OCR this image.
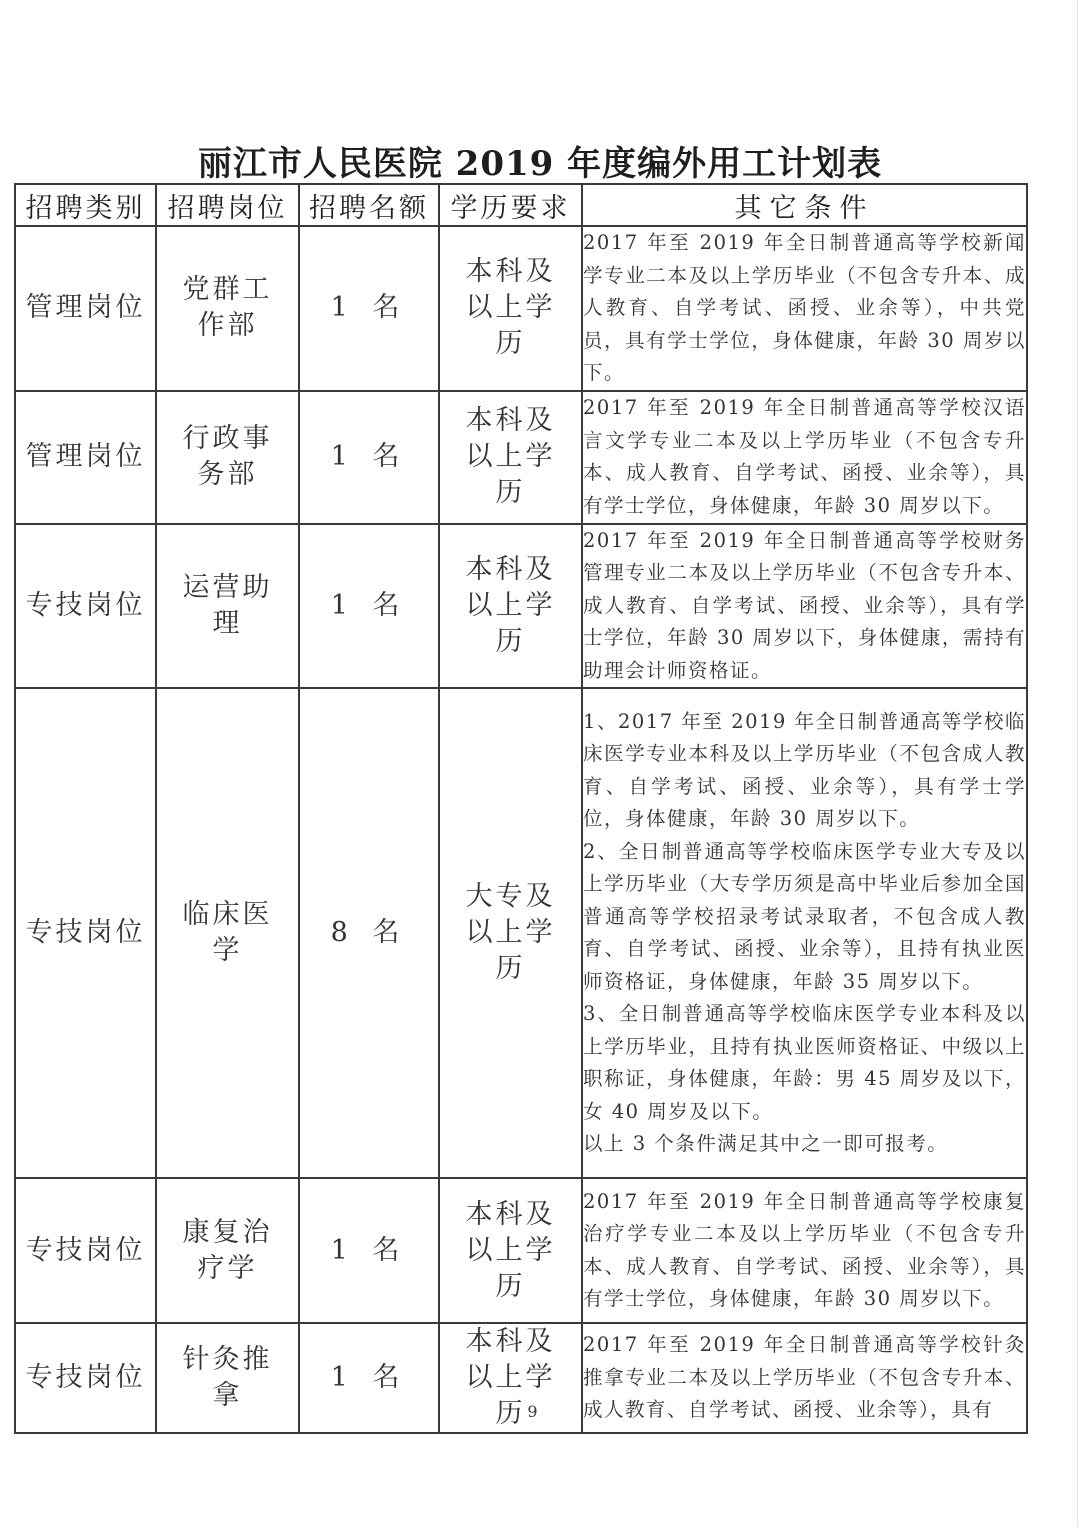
丽江市人民医院 2019 年度编外用工计划表
招聘类别	招聘岗位	招聘名额	学历要求	其它条件
管理岗位	党群工作部	1 名	本科及以上学历	2017 年至 2019 年全日制普通高等学校新闻学专业二本及以上学历毕业（不包含专升本、成人教育、自学考试、函授、业余等），中共党员，具有学士学位，身体健康，年龄 30 周岁以下。

管理岗位	行政事务部	1 名	本科及以上学历	2017 年至 2019 年全日制普通高等学校汉语言文学专业二本及以上学历毕业（不包含专升本、成人教育、自学考试、函授、业余等），具有学士学位，身体健康，年龄 30 周岁以下。

专技岗位	运营助理	1 名	本科及以上学历	2017 年至 2019 年全日制普通高等学校财务管理专业二本及以上学历毕业（不包含专升本、成人教育、自学考试、函授、业余等），具有学士学位，年龄 30 周岁以下，身体健康，需持有助理会计师资格证。

专技岗位	临床医学	8 名	大专及以上学历	1、2017 年至 2019 年全日制普通高等学校临床医学专业本科及以上学历毕业（不包含成人教育、自学考试、函授、业余等），具有学士学位，身体健康，年龄 30 周岁以下。
2、全日制普通高等学校临床医学专业大专及以上学历毕业（大专学历须是高中毕业后参加全国普通高等学校招录考试录取者，不包含成人教育、自学考试、函授、业余等），且持有执业医师资格证，身体健康，年龄 35 周岁以下。
3、全日制普通高等学校临床医学专业本科及以上学历毕业，且持有执业医师资格证、中级以上职称证，身体健康，年龄：男 45 周岁及以下，女 40 周岁及以下。
以上 3 个条件满足其中之一即可报考。

专技岗位	康复治疗学	1 名	本科及以上学历	2017 年至 2019 年全日制普通高等学校康复治疗学专业二本及以上学历毕业（不包含专升本、成人教育、自学考试、函授、业余等），具有学士学位，身体健康，年龄 30 周岁以下。

专技岗位	针灸推拿	1 名	本科及以上学历	2017 年至 2019 年全日制普通高等学校针灸推拿专业二本及以上学历毕业（不包含专升本、成人教育、自学考试、函授、业余等），具有
9
